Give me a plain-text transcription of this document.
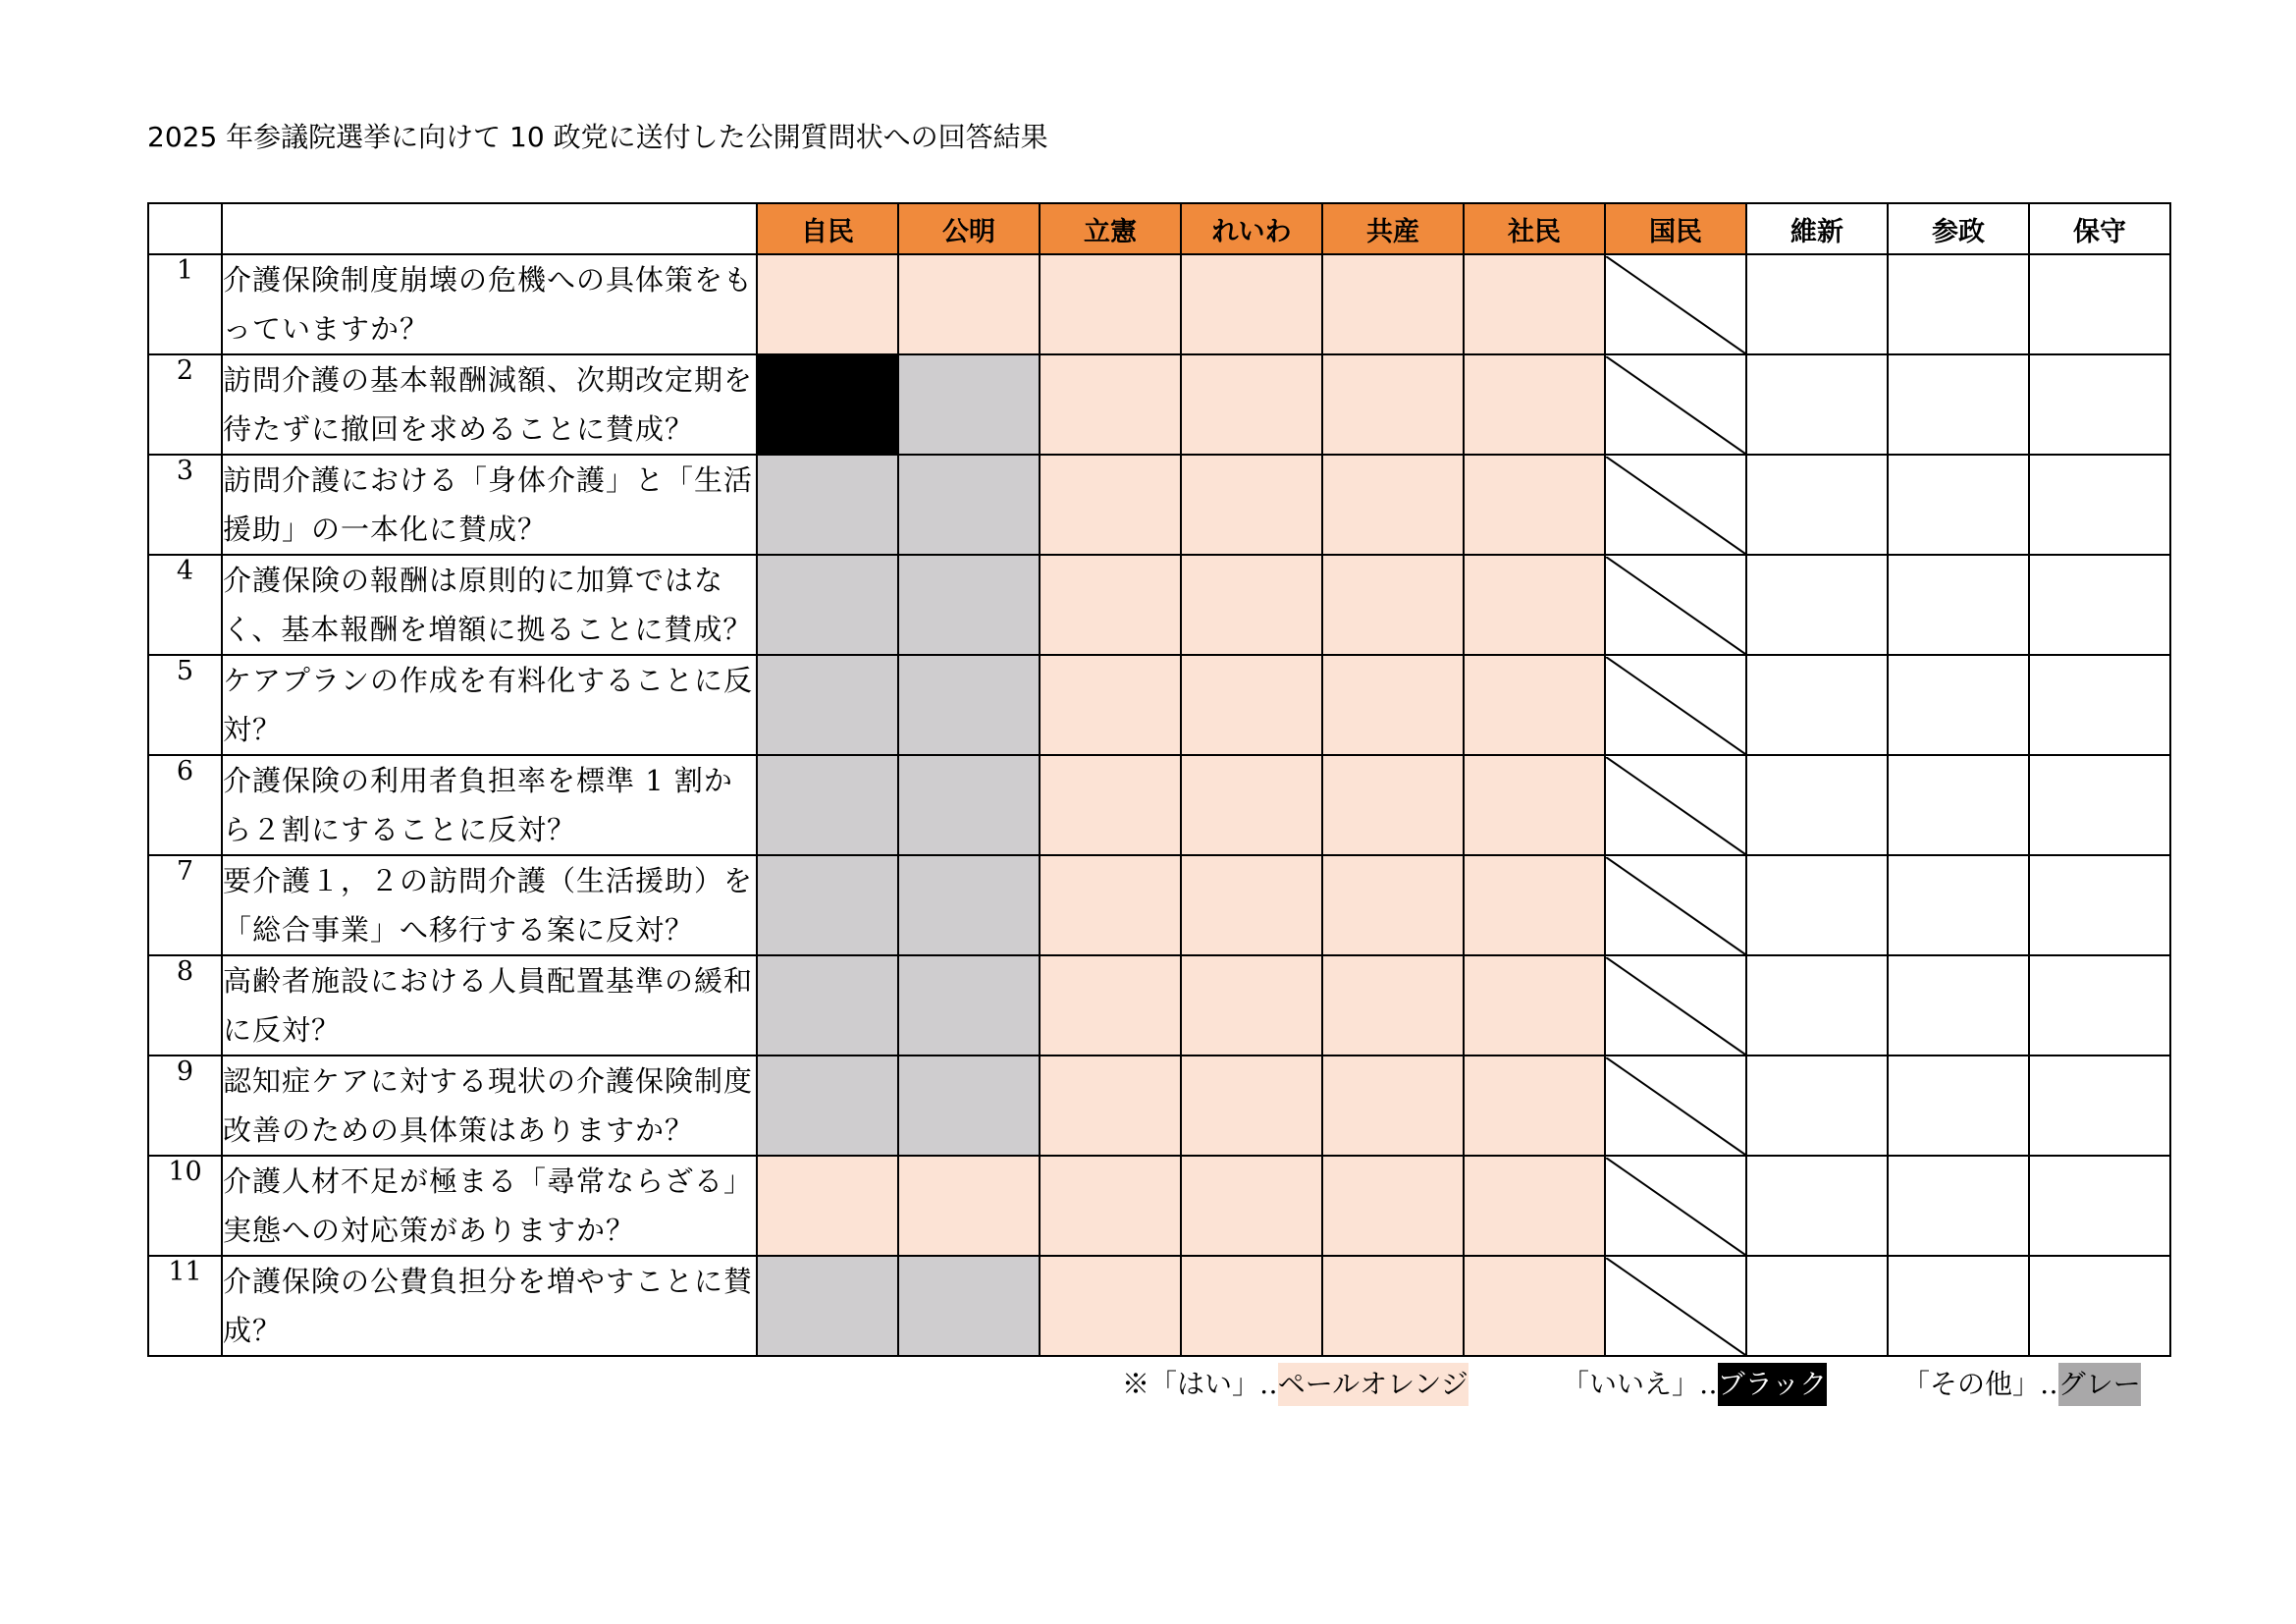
2025 年参議院選挙に向けて 10 政党に送付した公開質問状への回答結果
		自民	公明	立憲	れいわ	共産	社民	国民	維新	参政	保守
1	介護保険制度崩壊の危機への具体策をもっていますか？							

2	訪問介護の基本報酬減額、次期改定期を待たずに撤回を求めることに賛成？							

3	訪問介護における「身体介護」と「生活援助」の一本化に賛成？							

4	介護保険の報酬は原則的に加算ではなく、基本報酬を増額に拠ることに賛成？							

5	ケアプランの作成を有料化することに反対？							

6	介護保険の利用者負担率を標準 1 割から２割にすることに反対？							

7	要介護１，２の訪問介護（生活援助）を「総合事業」へ移行する案に反対？							

8	高齢者施設における人員配置基準の緩和に反対？							

9	認知症ケアに対する現状の介護保険制度改善のための具体策はありますか？							

10	介護人材不足が極まる「尋常ならざる」実態への対応策がありますか？							

11	介護保険の公費負担分を増やすことに賛成？							

※「はい」‥ペールオレンジ	「いいえ」‥ブラック	「その他」‥グレー
